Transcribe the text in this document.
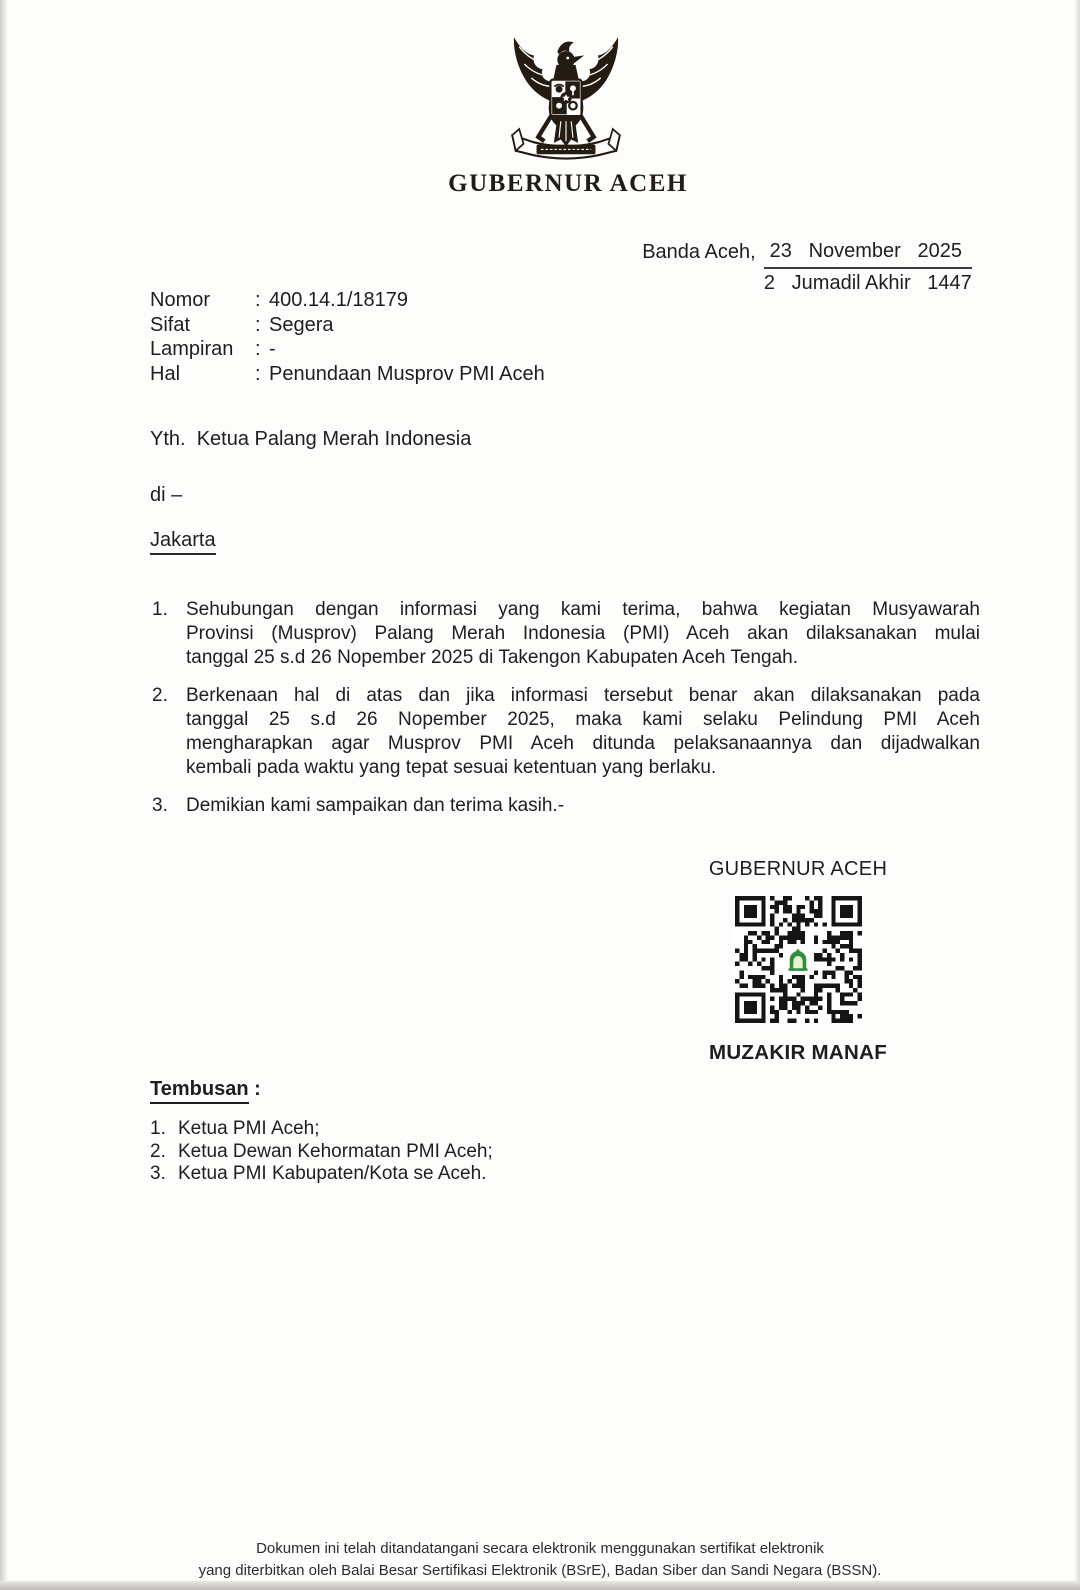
GUBERNUR ACEH
Banda Aceh, 23   November   2025
2   Jumadil Akhir   1447
Nomor	: 400.14.1/18179
Sifat	: Segera
Lampiran	: -
Hal	: Penundaan Musprov PMI Aceh
Yth.  Ketua Palang Merah Indonesia
di –
Jakarta
1. Sehubungan dengan informasi yang kami terima, bahwa kegiatan Musyawarah
Provinsi (Musprov) Palang Merah Indonesia (PMI) Aceh akan dilaksanakan mulai
tanggal 25 s.d 26 Nopember 2025 di Takengon Kabupaten Aceh Tengah.
2. Berkenaan hal di atas dan jika informasi tersebut benar akan dilaksanakan pada
tanggal 25 s.d 26 Nopember 2025, maka kami selaku Pelindung PMI Aceh
mengharapkan agar Musprov PMI Aceh ditunda pelaksanaannya dan dijadwalkan
kembali pada waktu yang tepat sesuai ketentuan yang berlaku.
3. Demikian kami sampaikan dan terima kasih.-
GUBERNUR ACEH
MUZAKIR MANAF
Tembusan :
1. Ketua PMI Aceh;
2. Ketua Dewan Kehormatan PMI Aceh;
3. Ketua PMI Kabupaten/Kota se Aceh.
Dokumen ini telah ditandatangani secara elektronik menggunakan sertifikat elektronik
yang diterbitkan oleh Balai Besar Sertifikasi Elektronik (BSrE), Badan Siber dan Sandi Negara (BSSN).
